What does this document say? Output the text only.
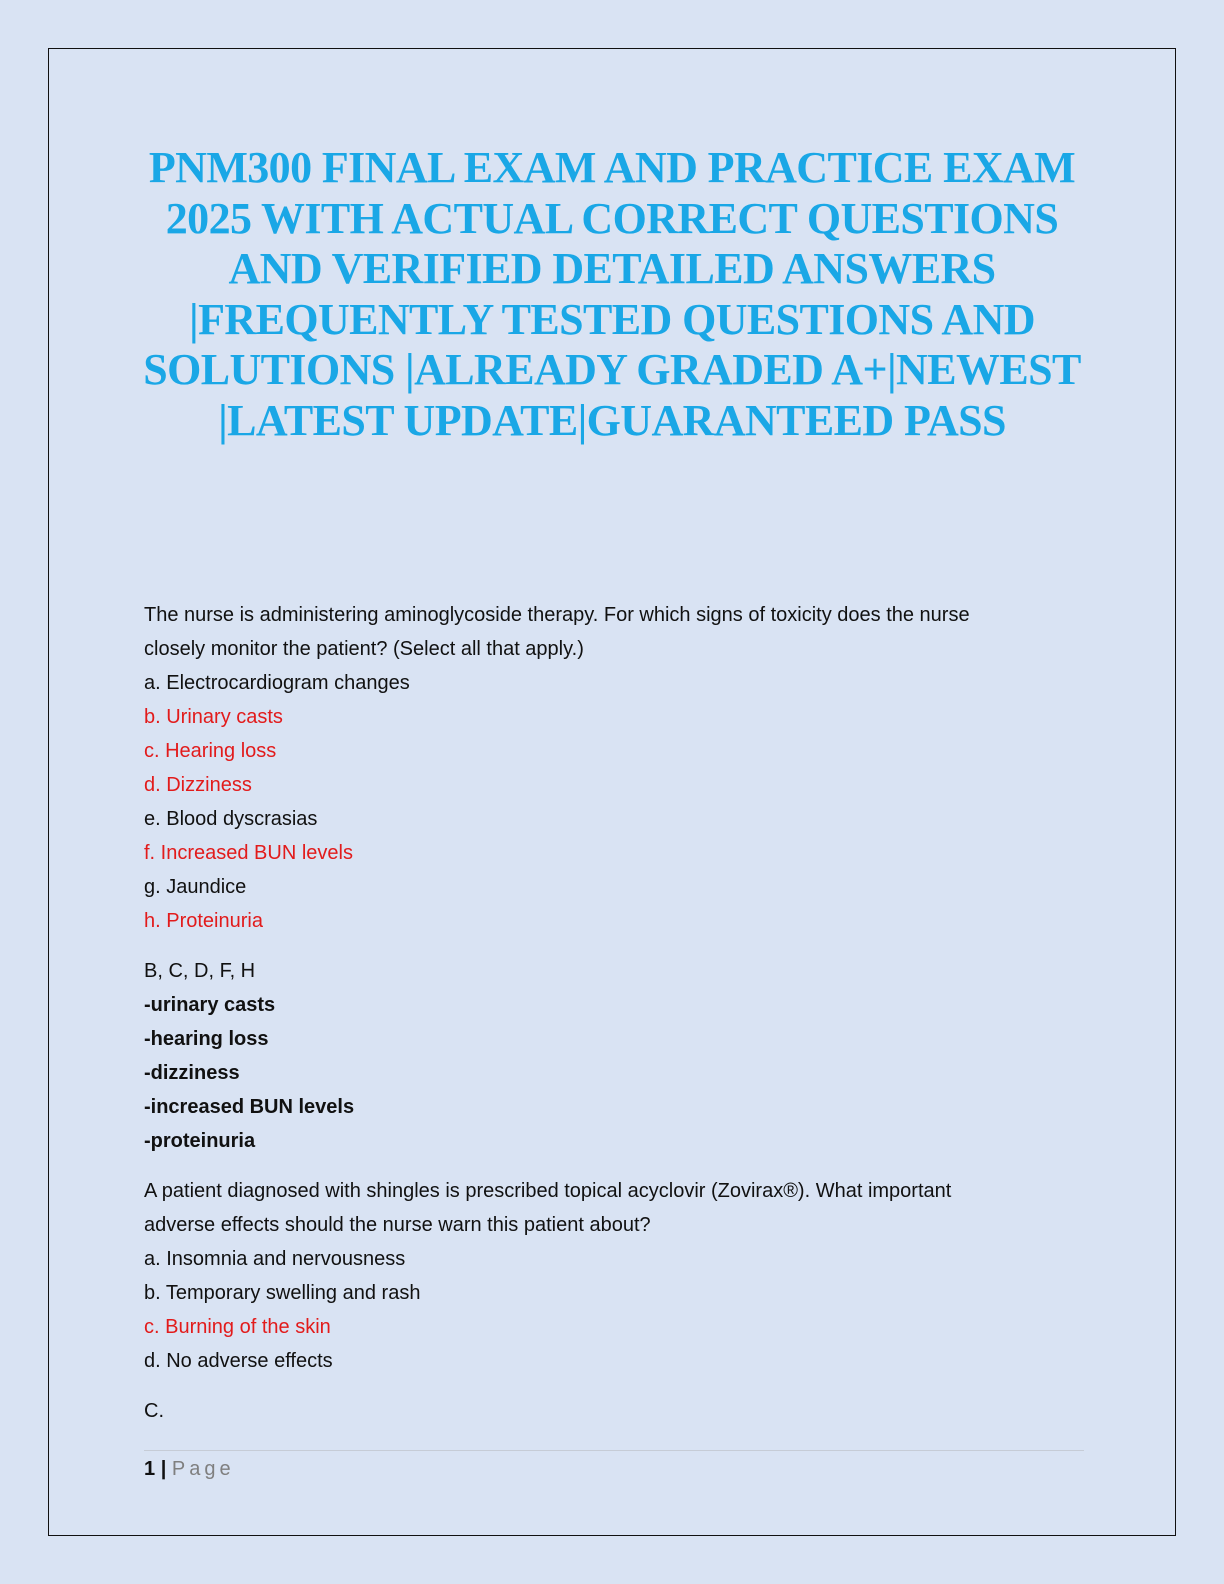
PNM300 FINAL EXAM AND PRACTICE EXAM
2025 WITH ACTUAL CORRECT QUESTIONS
AND VERIFIED DETAILED ANSWERS
|FREQUENTLY TESTED QUESTIONS AND
SOLUTIONS |ALREADY GRADED A+|NEWEST
|LATEST UPDATE|GUARANTEED PASS
The nurse is administering aminoglycoside therapy. For which signs of toxicity does the nurse
closely monitor the patient? (Select all that apply.)
a. Electrocardiogram changes
b. Urinary casts
c. Hearing loss
d. Dizziness
e. Blood dyscrasias
f. Increased BUN levels
g. Jaundice
h. Proteinuria
B, C, D, F, H
-urinary casts
-hearing loss
-dizziness
-increased BUN levels
-proteinuria
A patient diagnosed with shingles is prescribed topical acyclovir (Zovirax®). What important
adverse effects should the nurse warn this patient about?
a. Insomnia and nervousness
b. Temporary swelling and rash
c. Burning of the skin
d. No adverse effects
C.
1 | Page
